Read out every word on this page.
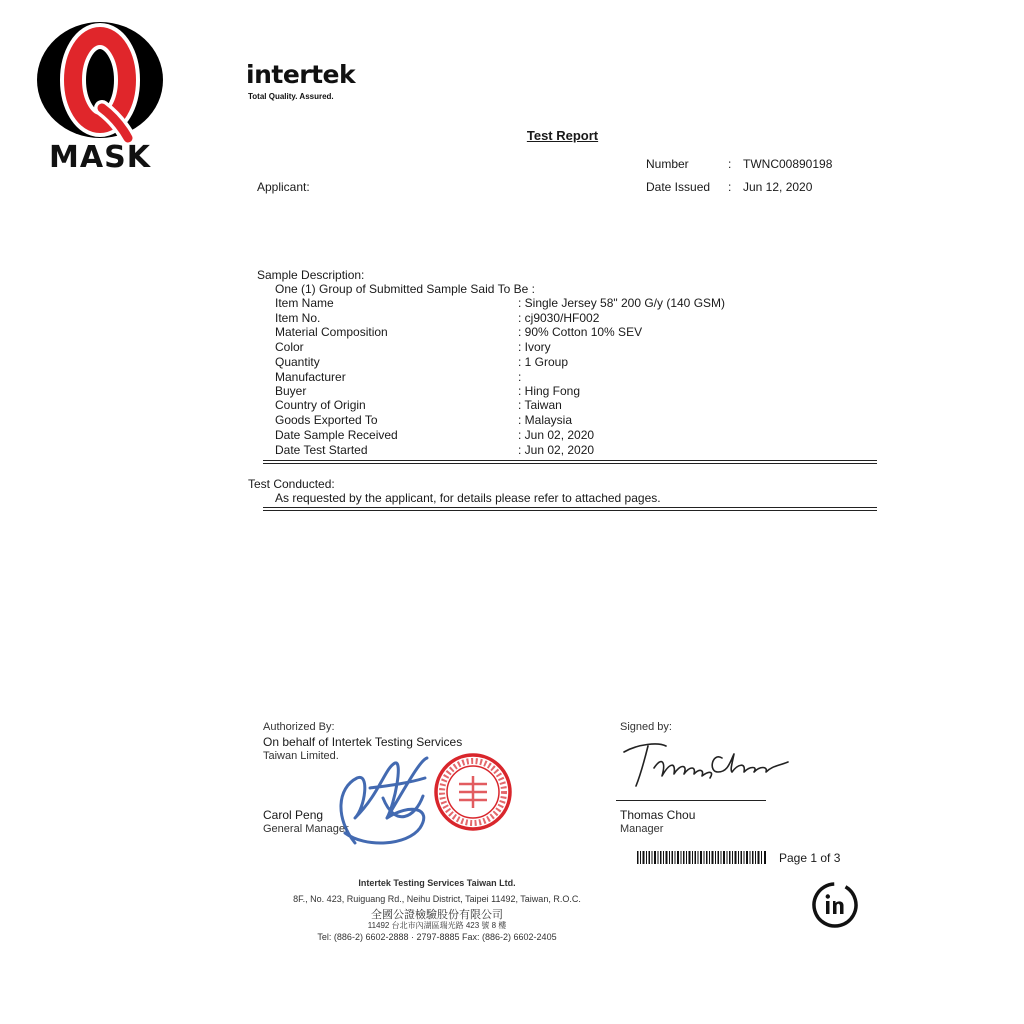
MASK
intertek
Total Quality. Assured.
Test Report
Number	: TWNC00890198
Date Issued : Jun 12, 2020
Applicant:
Sample Description:
One (1) Group of Submitted Sample Said To Be :
Item Name	: Single Jersey 58" 200 G/y (140 GSM)
Item No.	: cj9030/HF002
Material Composition	: 90% Cotton 10% SEV
Color	: Ivory
Quantity	: 1 Group
Manufacturer	:
Buyer	: Hing Fong
Country of Origin	: Taiwan
Goods Exported To	: Malaysia
Date Sample Received	: Jun 02, 2020
Date Test Started	: Jun 02, 2020
Test Conducted:
As requested by the applicant, for details please refer to attached pages.
Authorized By:
On behalf of Intertek Testing Services
Taiwan Limited.
Carol Peng
General Manager
Signed by:
Thomas Chou
Manager
Page 1 of 3
Intertek Testing Services Taiwan Ltd.
8F., No. 423, Ruiguang Rd., Neihu District, Taipei 11492, Taiwan, R.O.C.
全國公證檢驗股份有限公司
11492 台北市內湖區瑞光路 423 號 8 樓
Tel: (886-2) 6602-2888 · 2797-8885 Fax: (886-2) 6602-2405
